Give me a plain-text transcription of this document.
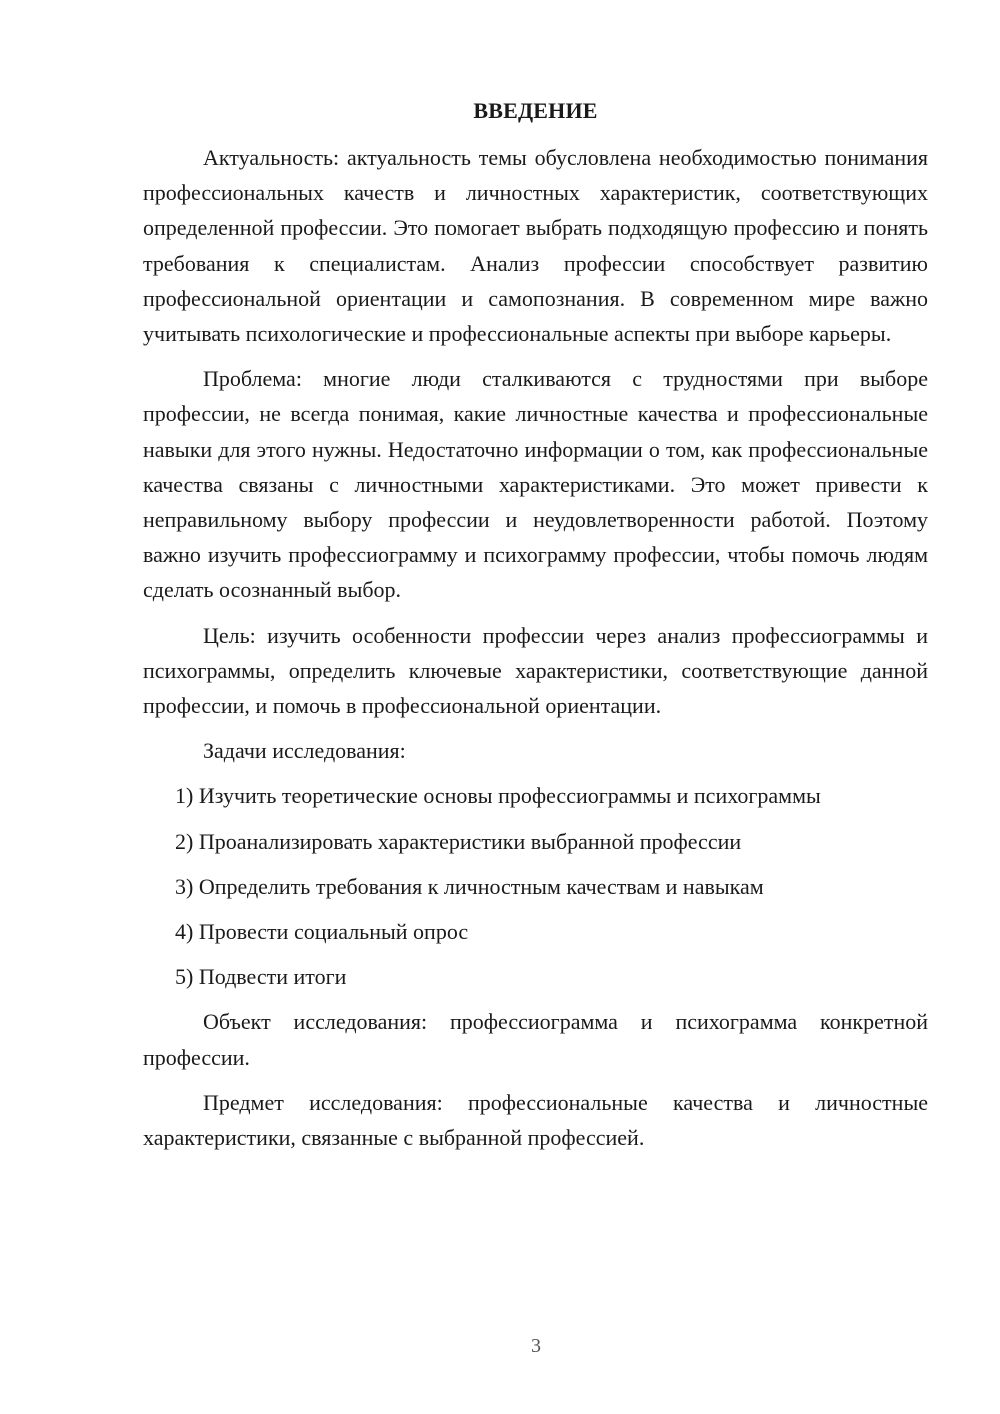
ВВЕДЕНИЕ

Актуальность: актуальность темы обусловлена необходимостью понимания профессиональных качеств и личностных характеристик, соответствующих определенной профессии. Это помогает выбрать подходящую профессию и понять требования к специалистам. Анализ профессии способствует развитию профессиональной ориентации и самопознания. В современном мире важно учитывать психологические и профессиональные аспекты при выборе карьеры.

Проблема: многие люди сталкиваются с трудностями при выборе профессии, не всегда понимая, какие личностные качества и профессиональные навыки для этого нужны. Недостаточно информации о том, как профессиональные качества связаны с личностными характеристиками. Это может привести к неправильному выбору профессии и неудовлетворенности работой. Поэтому важно изучить профессиограмму и психограмму профессии, чтобы помочь людям сделать осознанный выбор.

Цель: изучить особенности профессии через анализ профессиограммы и психограммы, определить ключевые характеристики, соответствующие данной профессии, и помочь в профессиональной ориентации.

Задачи исследования:

1) Изучить теоретические основы профессиограммы и психограммы

2) Проанализировать характеристики выбранной профессии

3) Определить требования к личностным качествам и навыкам

4) Провести социальный опрос

5) Подвести итоги

Объект исследования: профессиограмма и психограмма конкретной профессии.

Предмет исследования: профессиональные качества и личностные характеристики, связанные с выбранной профессией.

3
